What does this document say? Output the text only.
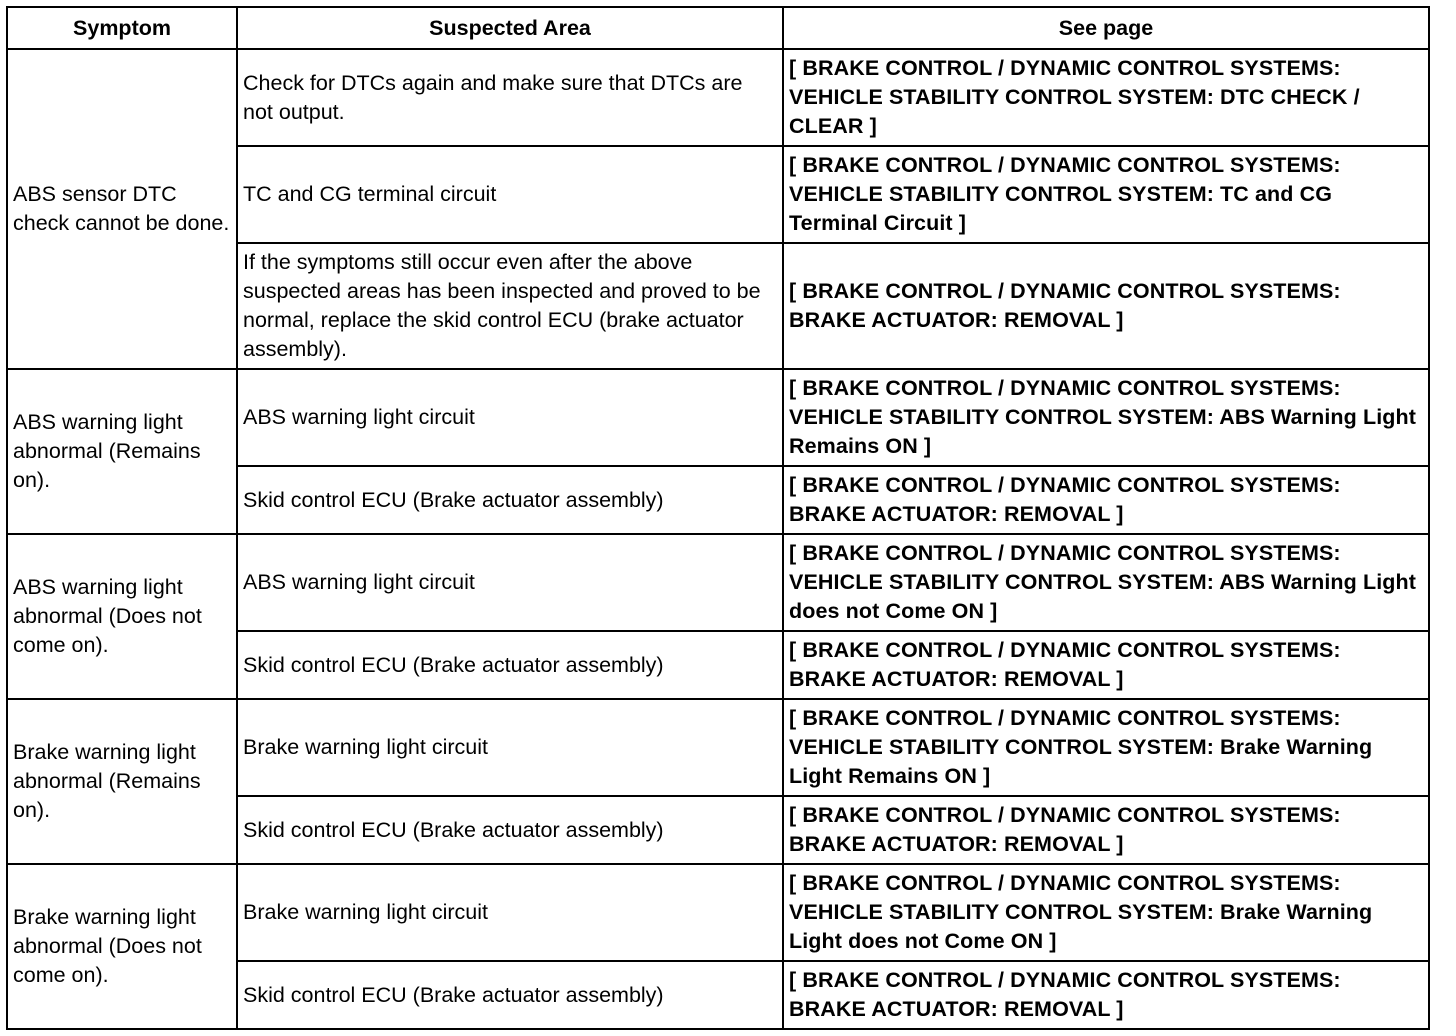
Symptom	Suspected Area	See page
ABS sensor DTC check cannot be done.	Check for DTCs again and make sure that DTCs are not output.	[ BRAKE CONTROL / DYNAMIC CONTROL SYSTEMS: VEHICLE STABILITY CONTROL SYSTEM: DTC CHECK / CLEAR ]
	TC and CG terminal circuit	[ BRAKE CONTROL / DYNAMIC CONTROL SYSTEMS: VEHICLE STABILITY CONTROL SYSTEM: TC and CG Terminal Circuit ]
	If the symptoms still occur even after the above suspected areas has been inspected and proved to be normal, replace the skid control ECU (brake actuator assembly).	[ BRAKE CONTROL / DYNAMIC CONTROL SYSTEMS: BRAKE ACTUATOR: REMOVAL ]
ABS warning light abnormal (Remains on).	ABS warning light circuit	[ BRAKE CONTROL / DYNAMIC CONTROL SYSTEMS: VEHICLE STABILITY CONTROL SYSTEM: ABS Warning Light Remains ON ]
	Skid control ECU (Brake actuator assembly)	[ BRAKE CONTROL / DYNAMIC CONTROL SYSTEMS: BRAKE ACTUATOR: REMOVAL ]
ABS warning light abnormal (Does not come on).	ABS warning light circuit	[ BRAKE CONTROL / DYNAMIC CONTROL SYSTEMS: VEHICLE STABILITY CONTROL SYSTEM: ABS Warning Light does not Come ON ]
	Skid control ECU (Brake actuator assembly)	[ BRAKE CONTROL / DYNAMIC CONTROL SYSTEMS: BRAKE ACTUATOR: REMOVAL ]
Brake warning light abnormal (Remains on).	Brake warning light circuit	[ BRAKE CONTROL / DYNAMIC CONTROL SYSTEMS: VEHICLE STABILITY CONTROL SYSTEM: Brake Warning Light Remains ON ]
	Skid control ECU (Brake actuator assembly)	[ BRAKE CONTROL / DYNAMIC CONTROL SYSTEMS: BRAKE ACTUATOR: REMOVAL ]
Brake warning light abnormal (Does not come on).	Brake warning light circuit	[ BRAKE CONTROL / DYNAMIC CONTROL SYSTEMS: VEHICLE STABILITY CONTROL SYSTEM: Brake Warning Light does not Come ON ]
	Skid control ECU (Brake actuator assembly)	[ BRAKE CONTROL / DYNAMIC CONTROL SYSTEMS: BRAKE ACTUATOR: REMOVAL ]
